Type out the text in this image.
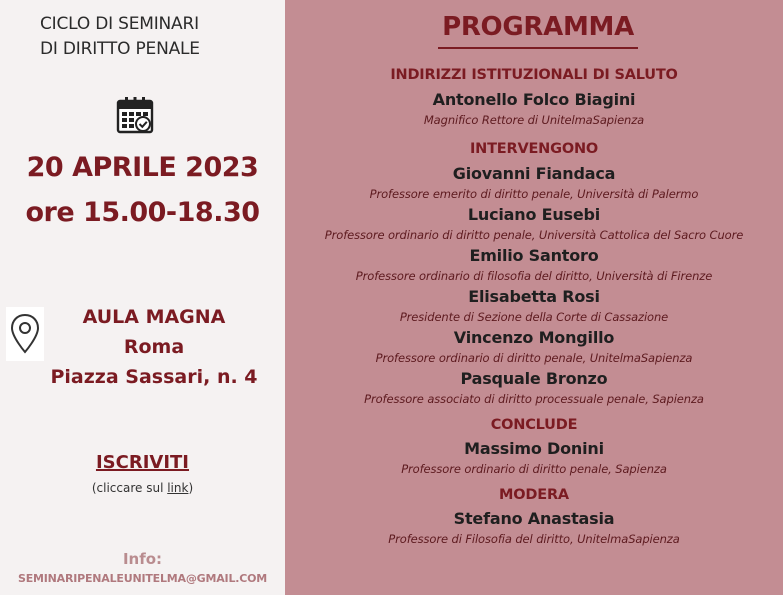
CICLO DI SEMINARI
DI DIRITTO PENALE
20 APRILE 2023
ore 15.00-18.30
AULA MAGNA
Roma
Piazza Sassari, n. 4
ISCRIVITI
(cliccare sul link)
Info:
SEMINARIPENALEUNITELMA@GMAIL.COM
PROGRAMMA
INDIRIZZI ISTITUZIONALI DI SALUTO
Antonello Folco Biagini
Magnifico Rettore di UnitelmaSapienza
INTERVENGONO
Giovanni Fiandaca
Professore emerito di diritto penale, Università di Palermo
Luciano Eusebi
Professore ordinario di diritto penale, Università Cattolica del Sacro Cuore
Emilio Santoro
Professore ordinario di filosofia del diritto, Università di Firenze
Elisabetta Rosi
Presidente di Sezione della Corte di Cassazione
Vincenzo Mongillo
Professore ordinario di diritto penale, UnitelmaSapienza
Pasquale Bronzo
Professore associato di diritto processuale penale, Sapienza
CONCLUDE
Massimo Donini
Professore ordinario di diritto penale, Sapienza
MODERA
Stefano Anastasia
Professore di Filosofia del diritto, UnitelmaSapienza
